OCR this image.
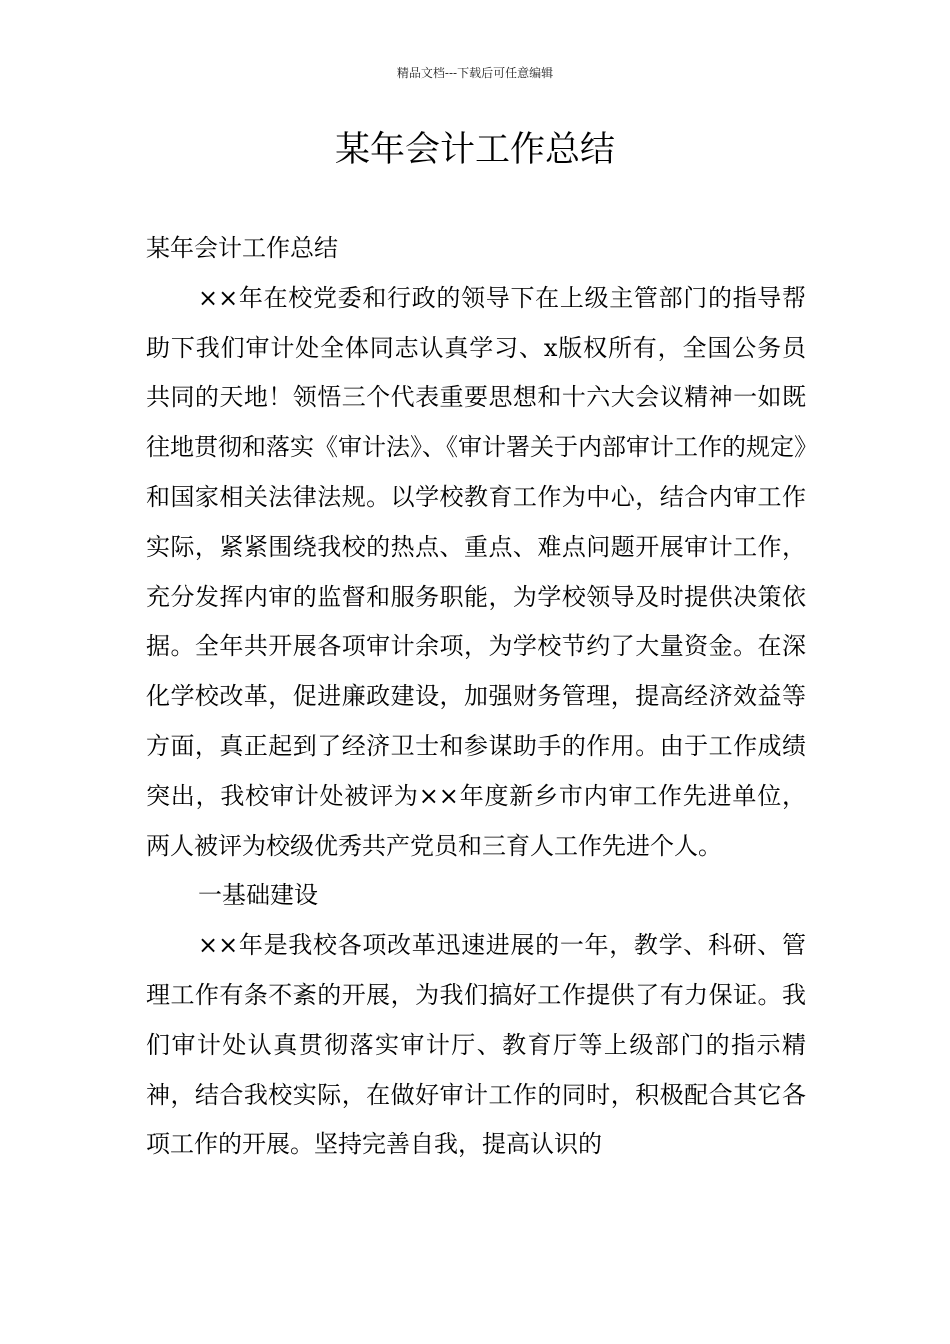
精品文档---下载后可任意编辑
某年会计工作总结

某年会计工作总结

××年在校党委和行政的领导下在上级主管部门的指导帮助下我们审计处全体同志认真学习、x版权所有，全国公务员共同的天地！领悟三个代表重要思想和十六大会议精神一如既往地贯彻和落实《审计法》、《审计署关于内部审计工作的规定》和国家相关法律法规。以学校教育工作为中心，结合内审工作实际，紧紧围绕我校的热点、重点、难点问题开展审计工作，充分发挥内审的监督和服务职能，为学校领导及时提供决策依据。全年共开展各项审计余项，为学校节约了大量资金。在深化学校改革，促进廉政建设，加强财务管理，提高经济效益等方面，真正起到了经济卫士和参谋助手的作用。由于工作成绩突出，我校审计处被评为××年度新乡市内审工作先进单位，两人被评为校级优秀共产党员和三育人工作先进个人。

一基础建设

××年是我校各项改革迅速进展的一年，教学、科研、管理工作有条不紊的开展，为我们搞好工作提供了有力保证。我们审计处认真贯彻落实审计厅、教育厅等上级部门的指示精神，结合我校实际，在做好审计工作的同时，积极配合其它各项工作的开展。坚持完善自我，提高认识的
